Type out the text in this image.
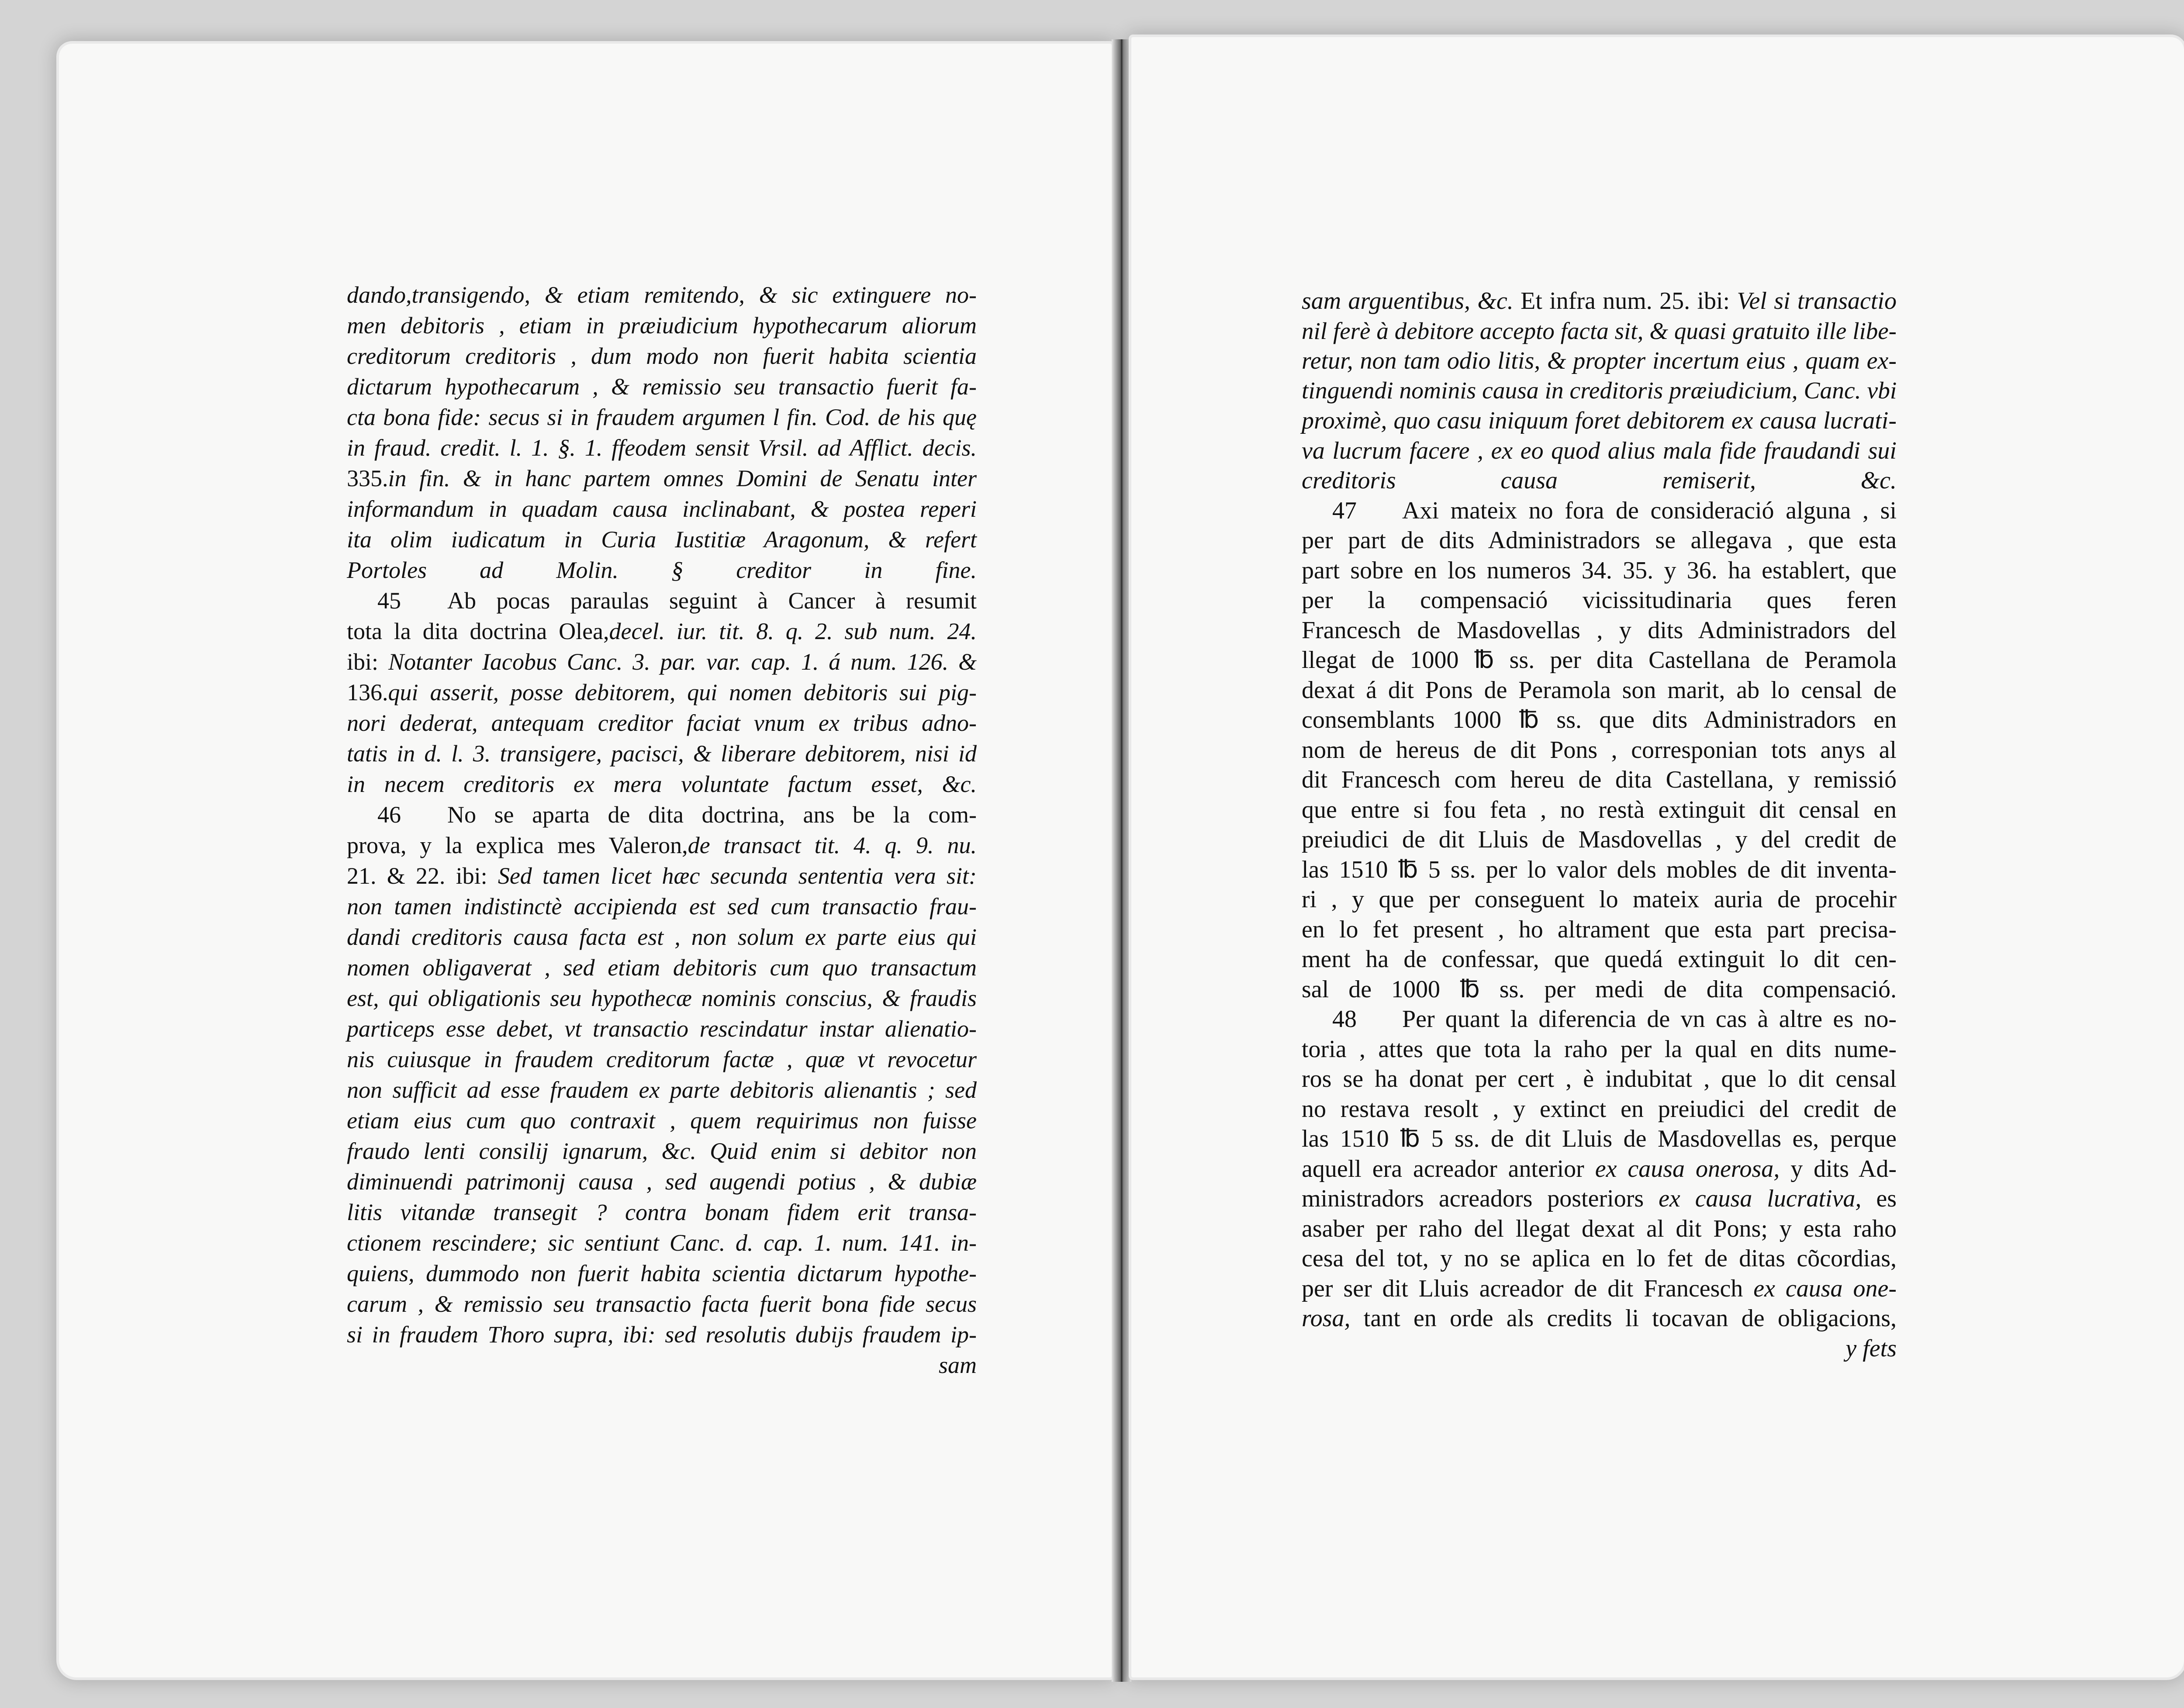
dando,transigendo, & etiam remitendo, & sic extinguere no-
men debitoris , etiam in præiudicium hypothecarum aliorum
creditorum creditoris , dum modo non fuerit habita scientia
dictarum hypothecarum , & remissio seu transactio fuerit fa-
cta bona fide: secus si in fraudem argumen l fin. Cod. de his quę
in fraud. credit. l. 1. §. 1. ffeodem sensit Vrsil. ad Afflict. decis.
335.in fin. & in hanc partem omnes Domini de Senatu inter
informandum in quadam causa inclinabant, & postea reperi
ita olim iudicatum in Curia Iustitiæ Aragonum, & refert
Portoles ad Molin. § creditor in fine.
45 Ab pocas paraulas seguint à Cancer à resumit
tota la dita doctrina Olea,decel. iur. tit. 8. q. 2. sub num. 24.
ibi: Notanter Iacobus Canc. 3. par. var. cap. 1. á num. 126. &
136.qui asserit, posse debitorem, qui nomen debitoris sui pig-
nori dederat, antequam creditor faciat vnum ex tribus adno-
tatis in d. l. 3. transigere, pacisci, & liberare debitorem, nisi id
in necem creditoris ex mera voluntate factum esset, &c.
46 No se aparta de dita doctrina, ans be la com-
prova, y la explica mes Valeron,de transact tit. 4. q. 9. nu.
21. & 22. ibi: Sed tamen licet hæc secunda sententia vera sit:
non tamen indistinctè accipienda est sed cum transactio frau-
dandi creditoris causa facta est , non solum ex parte eius qui
nomen obligaverat , sed etiam debitoris cum quo transactum
est, qui obligationis seu hypothecæ nominis conscius, & fraudis
particeps esse debet, vt transactio rescindatur instar alienatio-
nis cuiusque in fraudem creditorum factæ , quæ vt revocetur
non sufficit ad esse fraudem ex parte debitoris alienantis ; sed
etiam eius cum quo contraxit , quem requirimus non fuisse
fraudo lenti consilij ignarum, &c. Quid enim si debitor non
diminuendi patrimonij causa , sed augendi potius , & dubiæ
litis vitandæ transegit ? contra bonam fidem erit transa-
ctionem rescindere; sic sentiunt Canc. d. cap. 1. num. 141. in-
quiens, dummodo non fuerit habita scientia dictarum hypothe-
carum , & remissio seu transactio facta fuerit bona fide secus
si in fraudem Thoro supra, ibi: sed resolutis dubijs fraudem ip-
sam
sam arguentibus, &c. Et infra num. 25. ibi: Vel si transactio
nil ferè à debitore accepto facta sit, & quasi gratuito ille libe-
retur, non tam odio litis, & propter incertum eius , quam ex-
tinguendi nominis causa in creditoris præiudicium, Canc. vbi
proximè, quo casu iniquum foret debitorem ex causa lucrati-
va lucrum facere , ex eo quod alius mala fide fraudandi sui
creditoris causa remiserit, &c.
47 Axi mateix no fora de consideració alguna , si
per part de dits Administradors se allegava , que esta
part sobre en los numeros 34. 35. y 36. ha establert, que
per la compensació vicissitudinaria ques feren
Francesch de Masdovellas , y dits Administradors del
llegat de 1000 ℔ ss. per dita Castellana de Peramola
dexat á dit Pons de Peramola son marit, ab lo censal de
consemblants 1000 ℔ ss. que dits Administradors en
nom de hereus de dit Pons , corresponian tots anys al
dit Francesch com hereu de dita Castellana, y remissió
que entre si fou feta , no restà extinguit dit censal en
preiudici de dit Lluis de Masdovellas , y del credit de
las 1510 ℔ 5 ss. per lo valor dels mobles de dit inventa-
ri , y que per conseguent lo mateix auria de procehir
en lo fet present , ho altrament que esta part precisa-
ment ha de confessar, que quedá extinguit lo dit cen-
sal de 1000 ℔ ss. per medi de dita compensació.
48 Per quant la diferencia de vn cas à altre es no-
toria , attes que tota la raho per la qual en dits nume-
ros se ha donat per cert , è indubitat , que lo dit censal
no restava resolt , y extinct en preiudici del credit de
las 1510 ℔ 5 ss. de dit Lluis de Masdovellas es, perque
aquell era acreador anterior ex causa onerosa, y dits Ad-
ministradors acreadors posteriors ex causa lucrativa, es
asaber per raho del llegat dexat al dit Pons; y esta raho
cesa del tot, y no se aplica en lo fet de ditas cõcordias,
per ser dit Lluis acreador de dit Francesch ex causa one-
rosa, tant en orde als credits li tocavan de obligacions,
y fets
